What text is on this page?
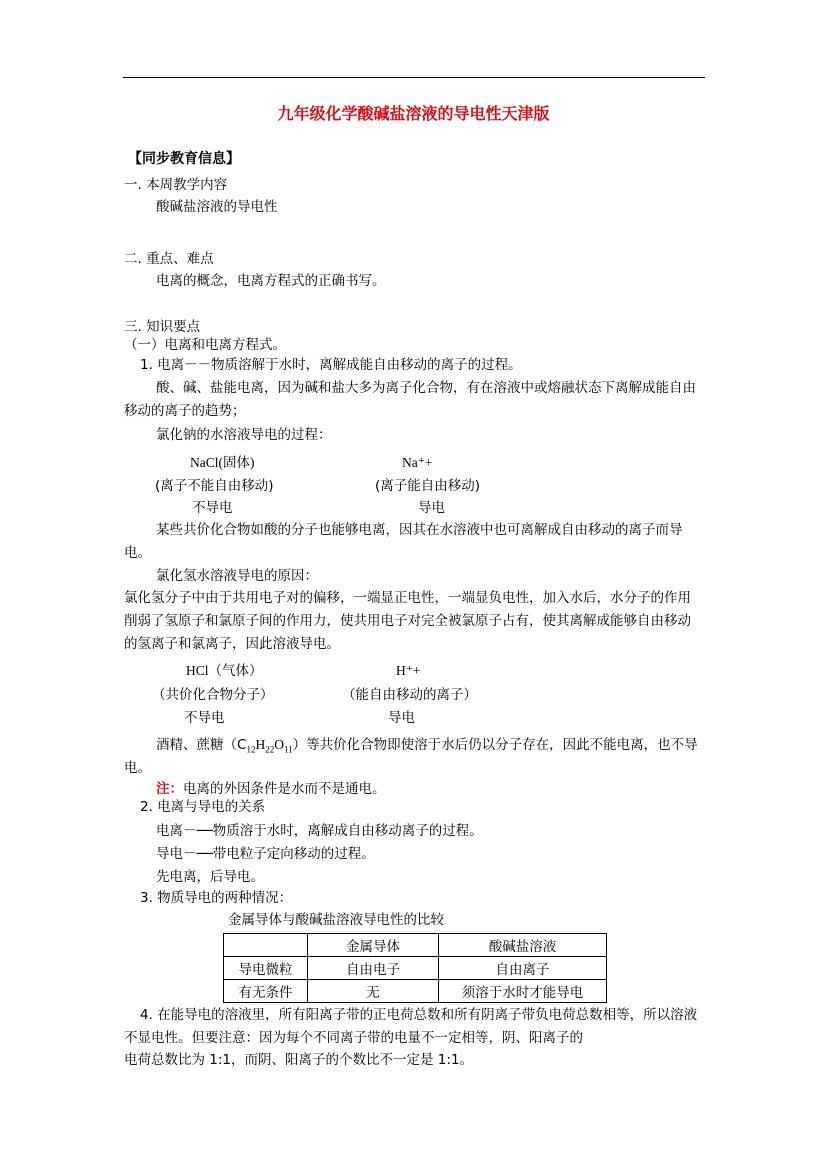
九年级化学酸碱盐溶液的导电性天津版
【同步教育信息】
一. 本周教学内容
酸碱盐溶液的导电性
二. 重点、难点
电离的概念，电离方程式的正确书写。
三. 知识要点
（一）电离和电离方程式。
1. 电离－－物质溶解于水时，离解成能自由移动的离子的过程。
酸、碱、盐能电离，因为碱和盐大多为离子化合物，有在溶液中或熔融状态下离解成能自由移动的离子的趋势；
氯化钠的水溶液导电的过程：
NaCl(固体)	Na⁺+
(离子不能自由移动)	(离子能自由移动)
不导电	导电
某些共价化合物如酸的分子也能够电离，因其在水溶液中也可离解成自由移动的离子而导电。
氯化氢水溶液导电的原因：
氯化氢分子中由于共用电子对的偏移，一端显正电性，一端显负电性，加入水后，水分子的作用削弱了氢原子和氯原子间的作用力，使共用电子对完全被氯原子占有，使其离解成能够自由移动的氢离子和氯离子，因此溶液导电。
HCl（气体）	H⁺+
（共价化合物分子）	（能自由移动的离子）
不导电	导电
酒精、蔗糖$(C_{12}H_{22}O_{11})$等共价化合物即使溶于水后仍以分子存在，因此不能电离，也不导电。
注：电离的外因条件是水而不是通电。
2. 电离与导电的关系
电离－──物质溶于水时，离解成自由移动离子的过程。
导电－──带电粒子定向移动的过程。
先电离，后导电。
3. 物质导电的两种情况：
金属导体与酸碱盐溶液导电性的比较
	金属导体	酸碱盐溶液
导电微粒	自由电子	自由离子
有无条件	无	须溶于水时才能导电
4. 在能导电的溶液里，所有阳离子带的正电荷总数和所有阴离子带负电荷总数相等，所以溶液不显电性。但要注意：因为每个不同离子带的电量不一定相等，阴、阳离子的
电荷总数比为 1:1，而阴、阳离子的个数比不一定是 1:1。
